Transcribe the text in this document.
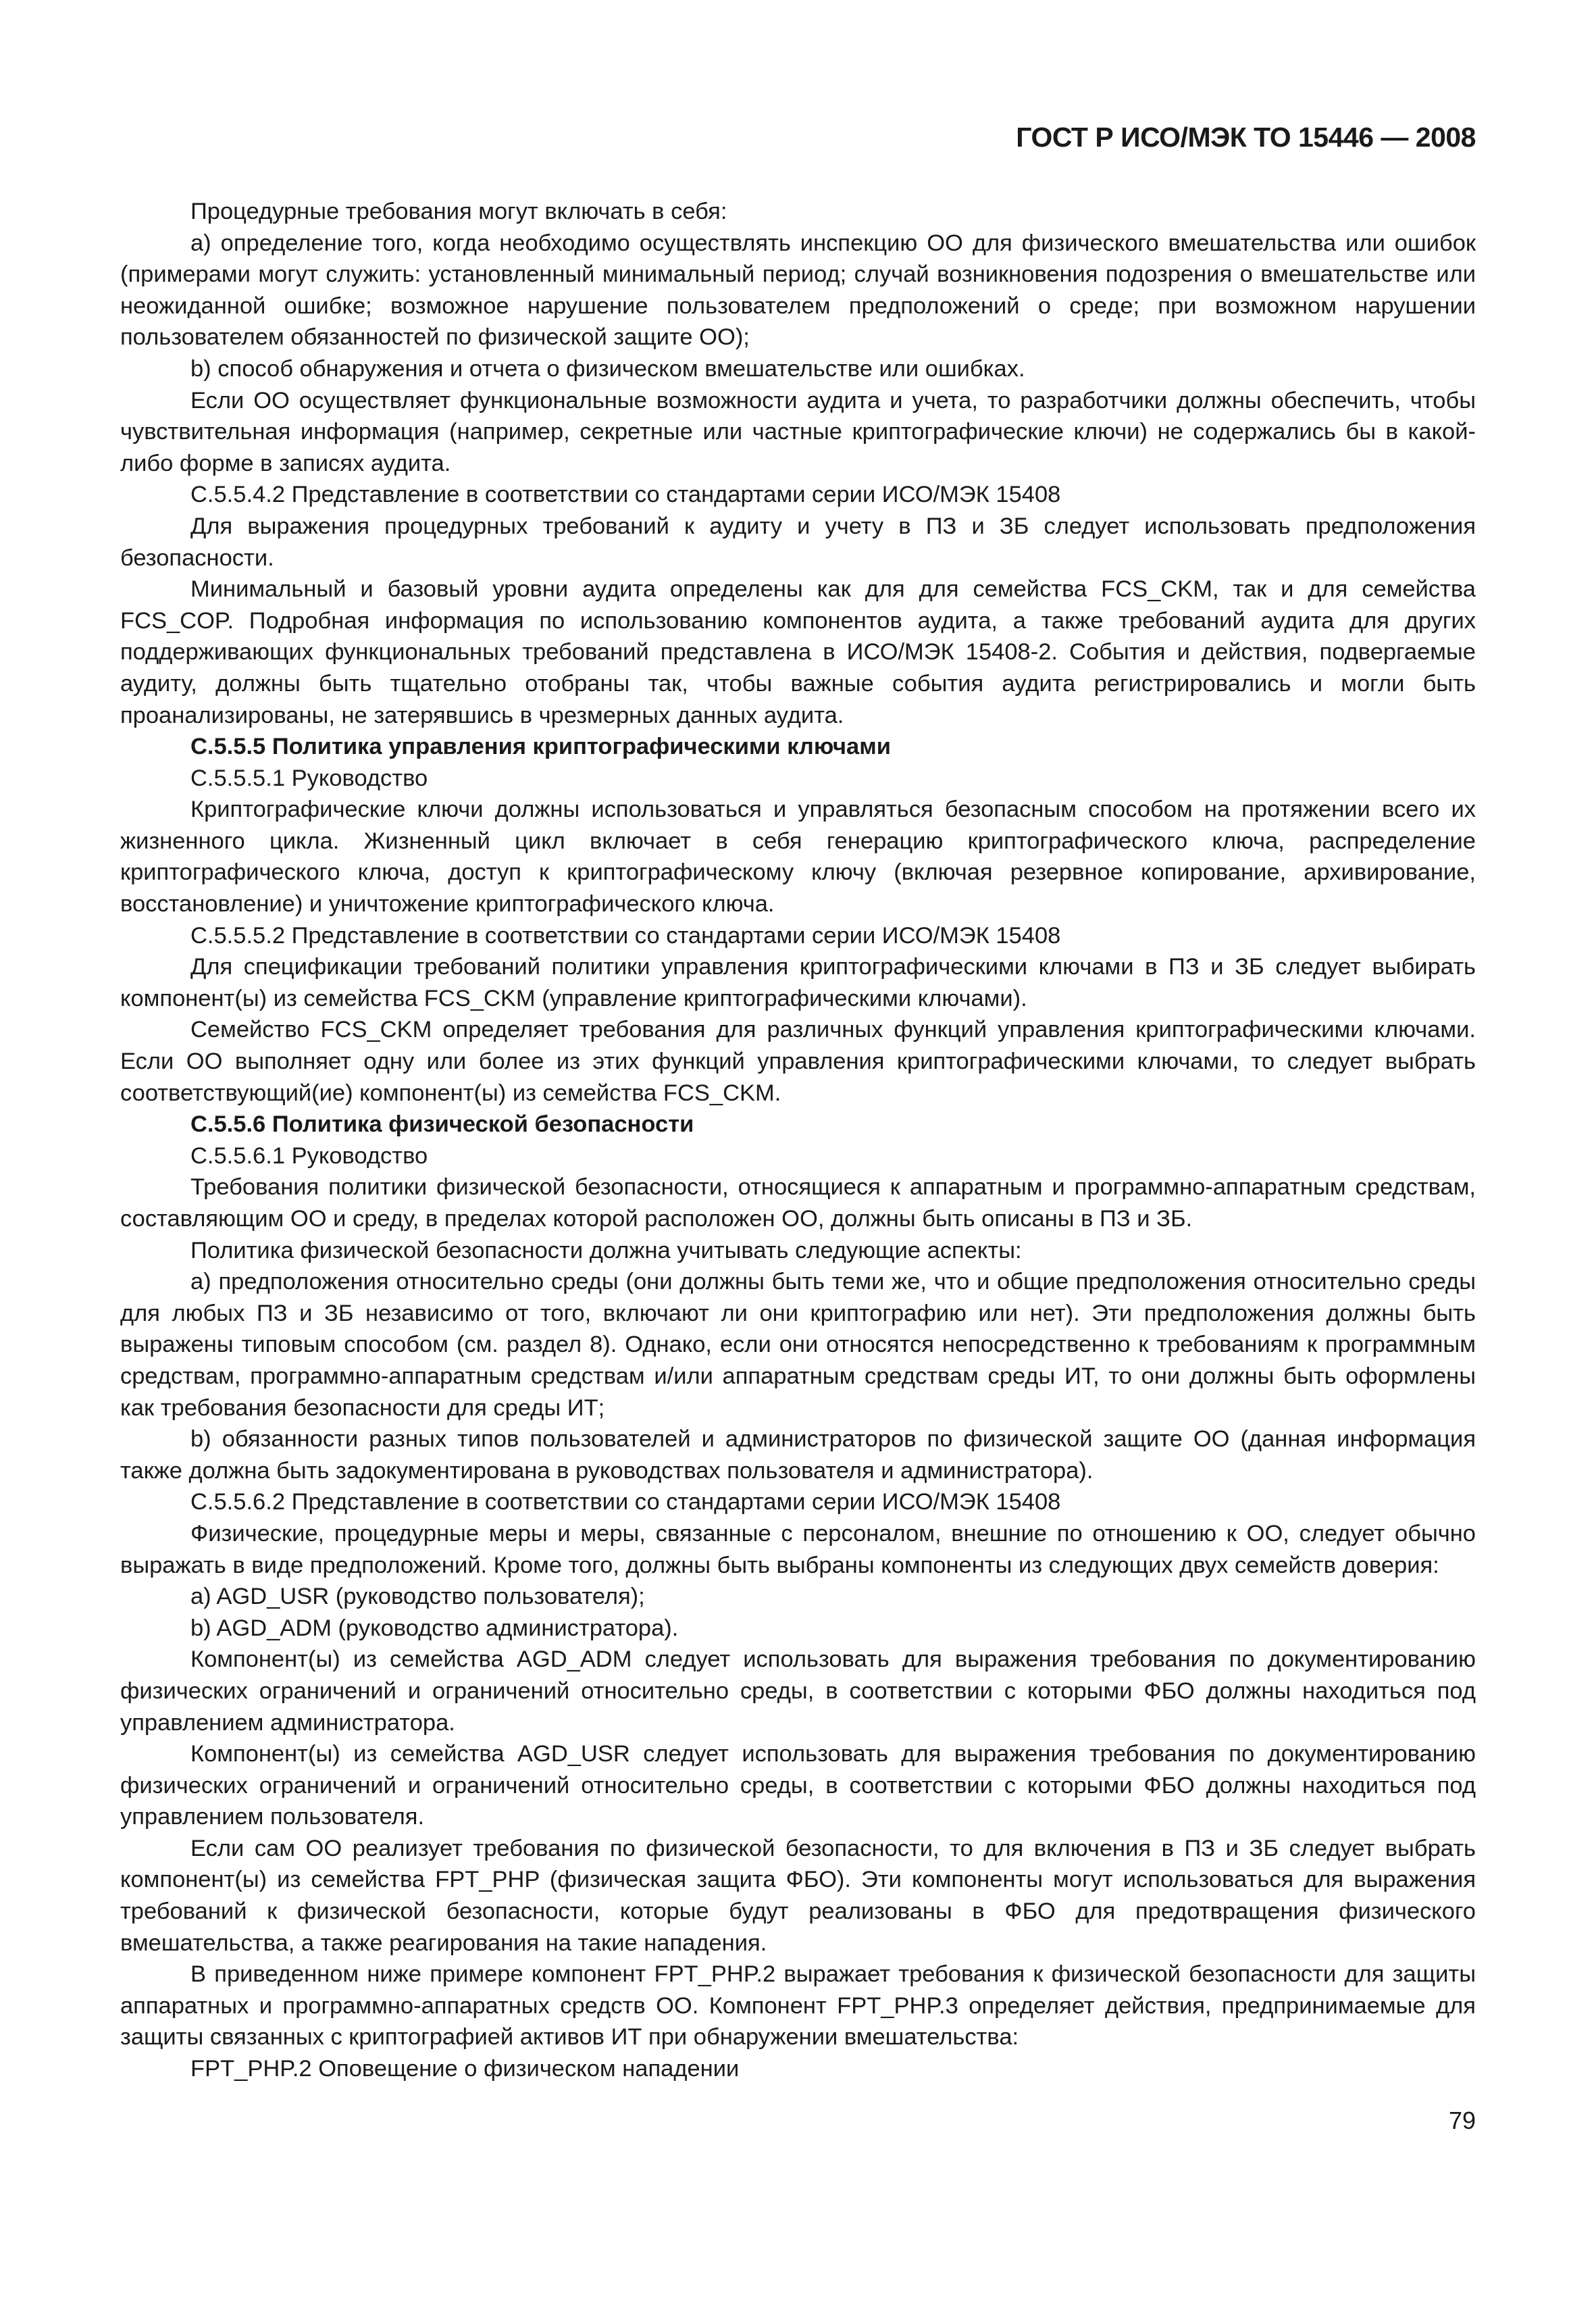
ГОСТ Р ИСО/МЭК ТО 15446 — 2008

Процедурные требования могут включать в себя:

a) определение того, когда необходимо осуществлять инспекцию ОО для физического вмешательства или ошибок (примерами могут служить: установленный минимальный период; случай возникновения подозрения о вмешательстве или неожиданной ошибке; возможное нарушение пользователем предположений о среде; при возможном нарушении пользователем обязанностей по физической защите ОО);

b) способ обнаружения и отчета о физическом вмешательстве или ошибках.

Если ОО осуществляет функциональные возможности аудита и учета, то разработчики должны обеспечить, чтобы чувствительная информация (например, секретные или частные криптографические ключи) не содержались бы в какой-либо форме в записях аудита.

C.5.5.4.2 Представление в соответствии со стандартами серии ИСО/МЭК 15408

Для выражения процедурных требований к аудиту и учету в ПЗ и ЗБ следует использовать предположения безопасности.

Минимальный и базовый уровни аудита определены как для для семейства FCS_CKM, так и для семейства FCS_COP. Подробная информация по использованию компонентов аудита, а также требований аудита для других поддерживающих функциональных требований представлена в ИСО/МЭК 15408-2. События и действия, подвергаемые аудиту, должны быть тщательно отобраны так, чтобы важные события аудита регистрировались и могли быть проанализированы, не затерявшись в чрезмерных данных аудита.

C.5.5.5 Политика управления криптографическими ключами

C.5.5.5.1 Руководство

Криптографические ключи должны использоваться и управляться безопасным способом на протяжении всего их жизненного цикла. Жизненный цикл включает в себя генерацию криптографического ключа, распределение криптографического ключа, доступ к криптографическому ключу (включая резервное копирование, архивирование, восстановление) и уничтожение криптографического ключа.

C.5.5.5.2 Представление в соответствии со стандартами серии ИСО/МЭК 15408

Для спецификации требований политики управления криптографическими ключами в ПЗ и ЗБ следует выбирать компонент(ы) из семейства FCS_CKM (управление криптографическими ключами).

Семейство FCS_CKM определяет требования для различных функций управления криптографическими ключами. Если ОО выполняет одну или более из этих функций управления криптографическими ключами, то следует выбрать соответствующий(ие) компонент(ы) из семейства FCS_CKM.

C.5.5.6 Политика физической безопасности

C.5.5.6.1 Руководство

Требования политики физической безопасности, относящиеся к аппаратным и программно-аппаратным средствам, составляющим ОО и среду, в пределах которой расположен ОО, должны быть описаны в ПЗ и ЗБ.

Политика физической безопасности должна учитывать следующие аспекты:

a) предположения относительно среды (они должны быть теми же, что и общие предположения относительно среды для любых ПЗ и ЗБ независимо от того, включают ли они криптографию или нет). Эти предположения должны быть выражены типовым способом (см. раздел 8). Однако, если они относятся непосредственно к требованиям к программным средствам, программно-аппаратным средствам и/или аппаратным средствам среды ИТ, то они должны быть оформлены как требования безопасности для среды ИТ;

b) обязанности разных типов пользователей и администраторов по физической защите ОО (данная информация также должна быть задокументирована в руководствах пользователя и администратора).

C.5.5.6.2 Представление в соответствии со стандартами серии ИСО/МЭК 15408

Физические, процедурные меры и меры, связанные с персоналом, внешние по отношению к ОО, следует обычно выражать в виде предположений. Кроме того, должны быть выбраны компоненты из следующих двух семейств доверия:

a) AGD_USR (руководство пользователя);

b) AGD_ADM (руководство администратора).

Компонент(ы) из семейства AGD_ADM следует использовать для выражения требования по документированию физических ограничений и ограничений относительно среды, в соответствии с которыми ФБО должны находиться под управлением администратора.

Компонент(ы) из семейства AGD_USR следует использовать для выражения требования по документированию физических ограничений и ограничений относительно среды, в соответствии с которыми ФБО должны находиться под управлением пользователя.

Если сам ОО реализует требования по физической безопасности, то для включения в ПЗ и ЗБ следует выбрать компонент(ы) из семейства FPT_PHP (физическая защита ФБО). Эти компоненты могут использоваться для выражения требований к физической безопасности, которые будут реализованы в ФБО для предотвращения физического вмешательства, а также реагирования на такие нападения.

В приведенном ниже примере компонент FPT_PHP.2 выражает требования к физической безопасности для защиты аппаратных и программно-аппаратных средств ОО. Компонент FPT_PHP.3 определяет действия, предпринимаемые для защиты связанных с криптографией активов ИТ при обнаружении вмешательства:

FPT_PHP.2 Оповещение о физическом нападении

79
